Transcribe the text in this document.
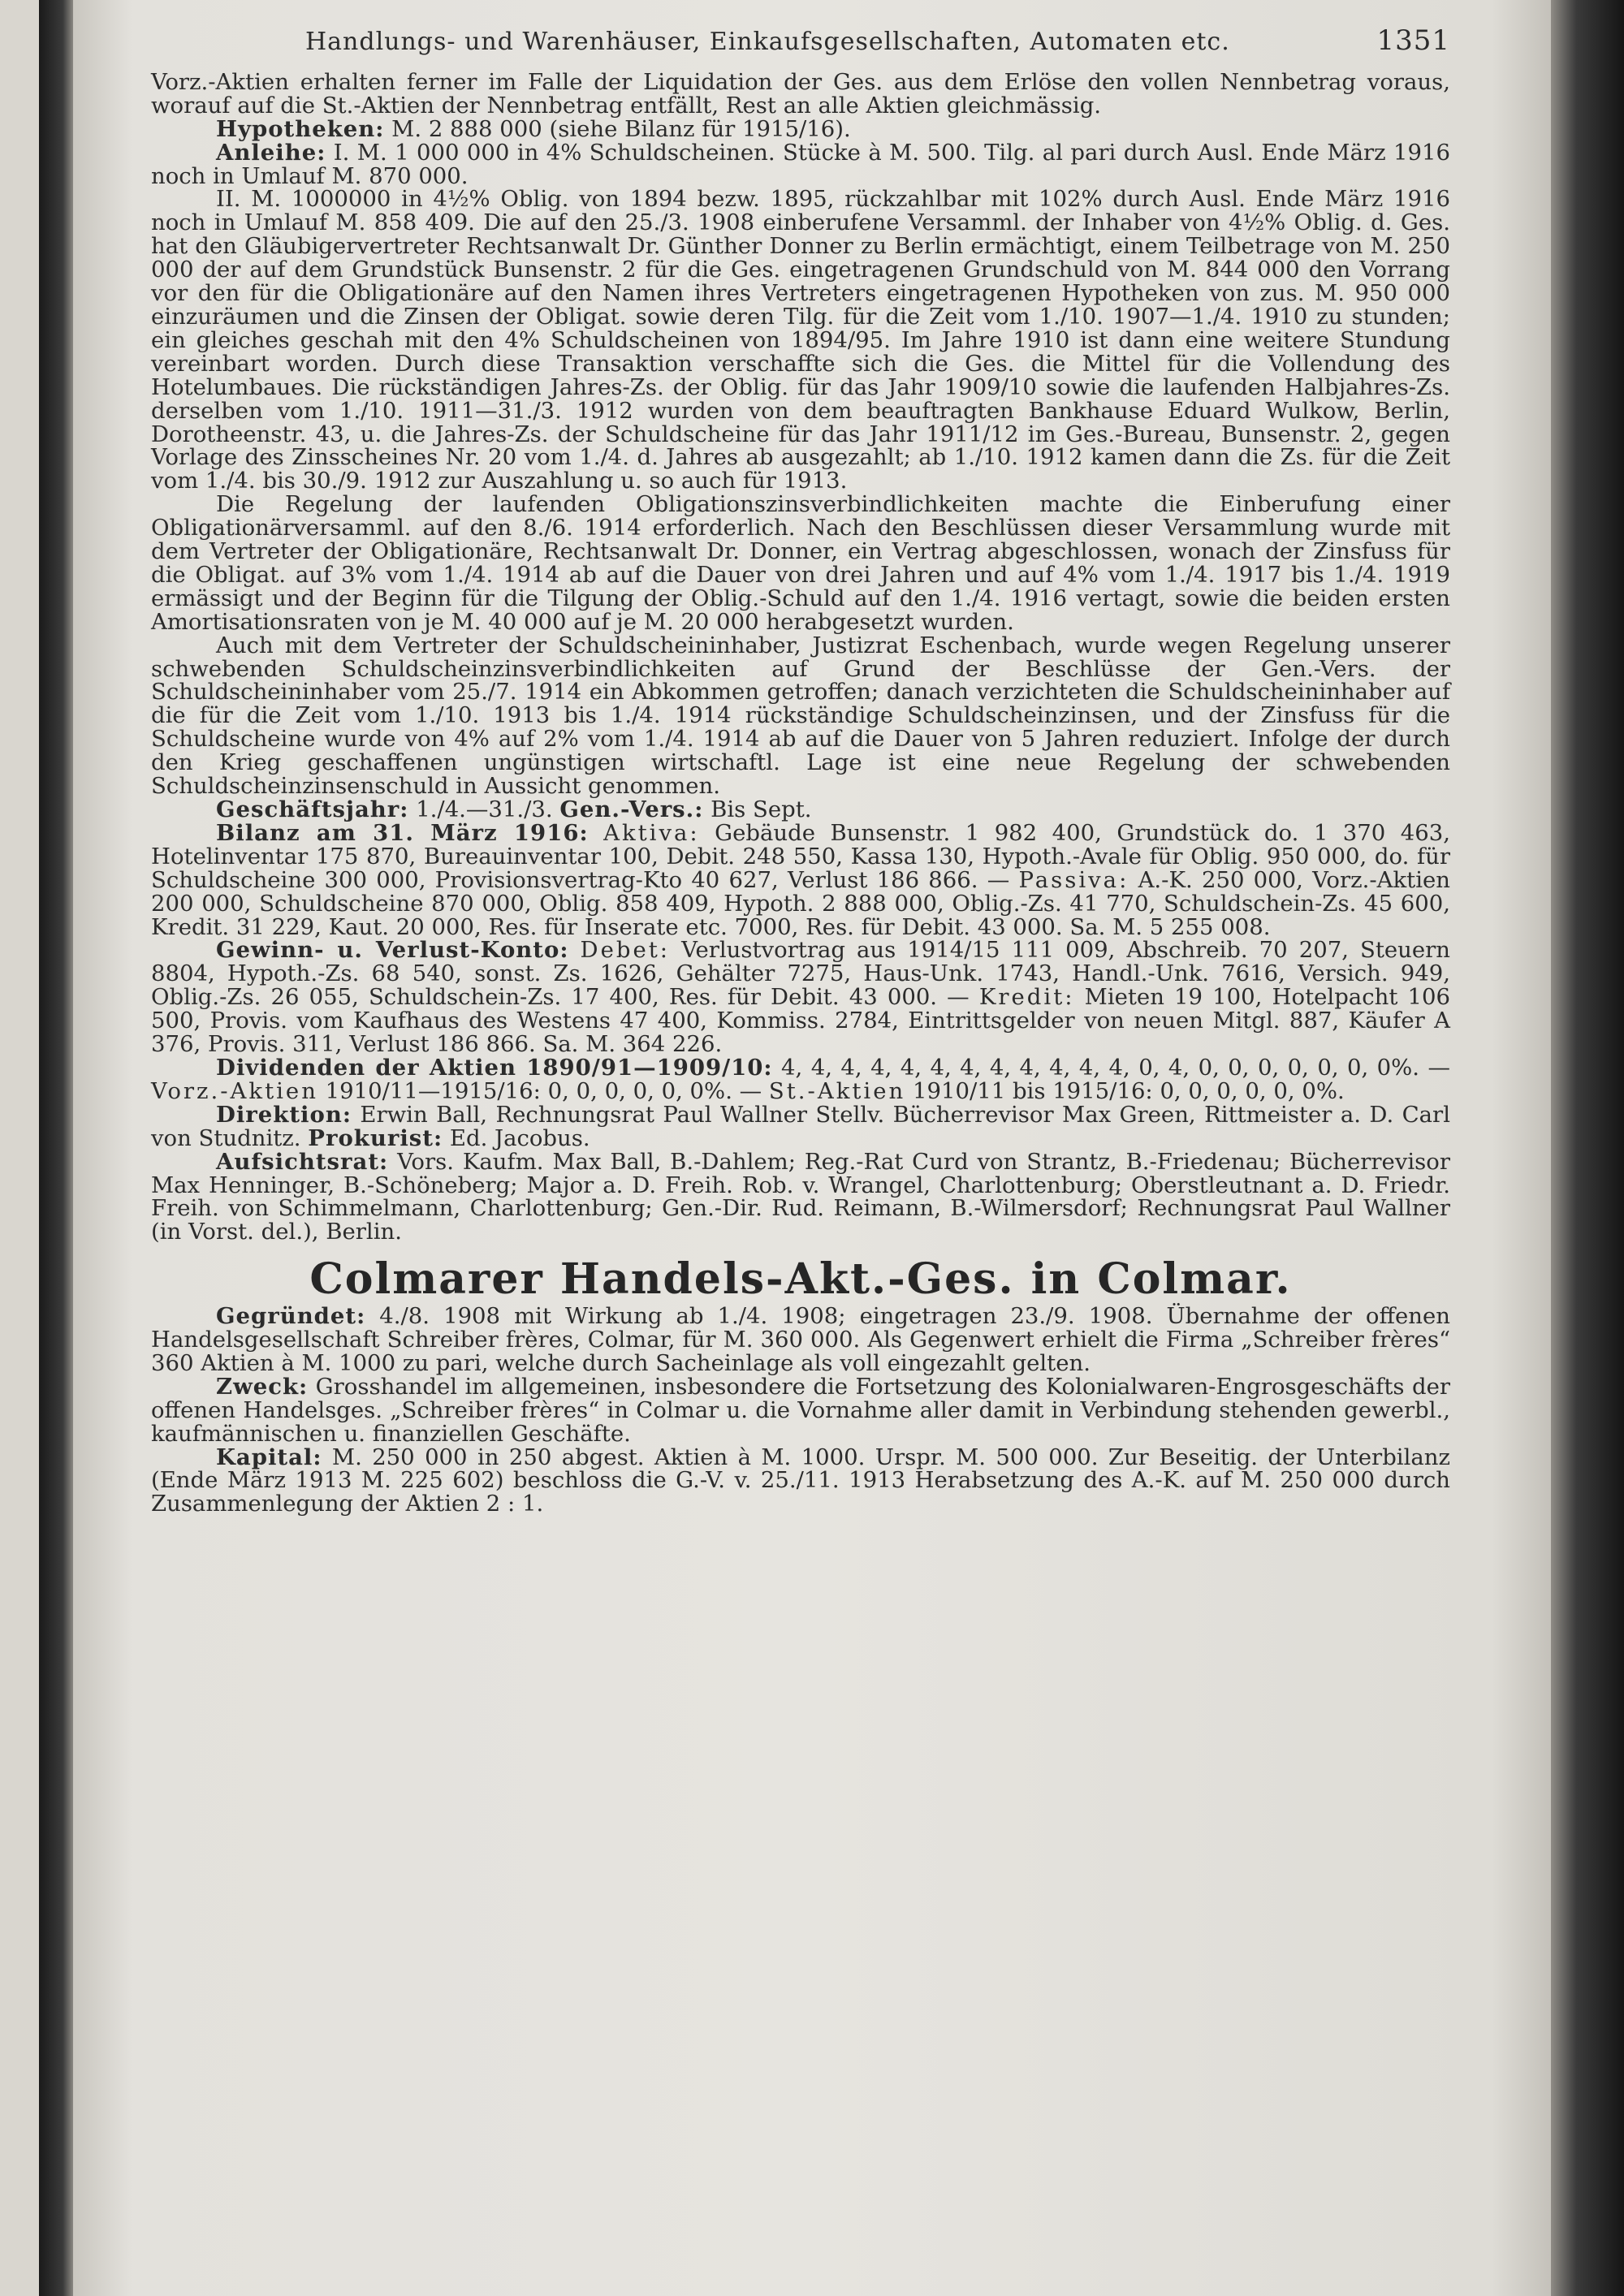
Handlungs- und Warenhäuser, Einkaufsgesellschaften, Automaten etc.	1351

Vorz.-Aktien erhalten ferner im Falle der Liquidation der Ges. aus dem Erlöse den vollen Nennbetrag voraus, worauf auf die St.-Aktien der Nennbetrag entfällt, Rest an alle Aktien gleichmässig.

Hypotheken: M. 2 888 000 (siehe Bilanz für 1915/16).

Anleihe: I. M. 1 000 000 in 4% Schuldscheinen. Stücke à M. 500. Tilg. al pari durch Ausl. Ende März 1916 noch in Umlauf M. 870 000.

II. M. 1000000 in 4½% Oblig. von 1894 bezw. 1895, rückzahlbar mit 102% durch Ausl. Ende März 1916 noch in Umlauf M. 858 409. Die auf den 25./3. 1908 einberufene Versamml. der Inhaber von 4½% Oblig. d. Ges. hat den Gläubigervertreter Rechtsanwalt Dr. Günther Donner zu Berlin ermächtigt, einem Teilbetrage von M. 250 000 der auf dem Grundstück Bunsenstr. 2 für die Ges. eingetragenen Grundschuld von M. 844 000 den Vorrang vor den für die Obligationäre auf den Namen ihres Vertreters eingetragenen Hypotheken von zus. M. 950 000 einzuräumen und die Zinsen der Obligat. sowie deren Tilg. für die Zeit vom 1./10. 1907—1./4. 1910 zu stunden; ein gleiches geschah mit den 4% Schuldscheinen von 1894/95. Im Jahre 1910 ist dann eine weitere Stundung vereinbart worden. Durch diese Transaktion verschaffte sich die Ges. die Mittel für die Vollendung des Hotelumbaues. Die rückständigen Jahres-Zs. der Oblig. für das Jahr 1909/10 sowie die laufenden Halbjahres-Zs. derselben vom 1./10. 1911—31./3. 1912 wurden von dem beauftragten Bankhause Eduard Wulkow, Berlin, Dorotheenstr. 43, u. die Jahres-Zs. der Schuldscheine für das Jahr 1911/12 im Ges.-Bureau, Bunsenstr. 2, gegen Vorlage des Zinsscheines Nr. 20 vom 1./4. d. Jahres ab ausgezahlt; ab 1./10. 1912 kamen dann die Zs. für die Zeit vom 1./4. bis 30./9. 1912 zur Auszahlung u. so auch für 1913.

Die Regelung der laufenden Obligationszinsverbindlichkeiten machte die Einberufung einer Obligationärversamml. auf den 8./6. 1914 erforderlich. Nach den Beschlüssen dieser Versammlung wurde mit dem Vertreter der Obligationäre, Rechtsanwalt Dr. Donner, ein Vertrag abgeschlossen, wonach der Zinsfuss für die Obligat. auf 3% vom 1./4. 1914 ab auf die Dauer von drei Jahren und auf 4% vom 1./4. 1917 bis 1./4. 1919 ermässigt und der Beginn für die Tilgung der Oblig.-Schuld auf den 1./4. 1916 vertagt, sowie die beiden ersten Amortisationsraten von je M. 40 000 auf je M. 20 000 herabgesetzt wurden.

Auch mit dem Vertreter der Schuldscheininhaber, Justizrat Eschenbach, wurde wegen Regelung unserer schwebenden Schuldscheinzinsverbindlichkeiten auf Grund der Beschlüsse der Gen.-Vers. der Schuldscheininhaber vom 25./7. 1914 ein Abkommen getroffen; danach verzichteten die Schuldscheininhaber auf die für die Zeit vom 1./10. 1913 bis 1./4. 1914 rückständige Schuldscheinzinsen, und der Zinsfuss für die Schuldscheine wurde von 4% auf 2% vom 1./4. 1914 ab auf die Dauer von 5 Jahren reduziert. Infolge der durch den Krieg geschaffenen ungünstigen wirtschaftl. Lage ist eine neue Regelung der schwebenden Schuldscheinzinsenschuld in Aussicht genommen.

Geschäftsjahr: 1./4.—31./3. Gen.-Vers.: Bis Sept.

Bilanz am 31. März 1916: Aktiva: Gebäude Bunsenstr. 1 982 400, Grundstück do. 1 370 463, Hotelinventar 175 870, Bureauinventar 100, Debit. 248 550, Kassa 130, Hypoth.-Avale für Oblig. 950 000, do. für Schuldscheine 300 000, Provisionsvertrag-Kto 40 627, Verlust 186 866. — Passiva: A.-K. 250 000, Vorz.-Aktien 200 000, Schuldscheine 870 000, Oblig. 858 409, Hypoth. 2 888 000, Oblig.-Zs. 41 770, Schuldschein-Zs. 45 600, Kredit. 31 229, Kaut. 20 000, Res. für Inserate etc. 7000, Res. für Debit. 43 000. Sa. M. 5 255 008.

Gewinn- u. Verlust-Konto: Debet: Verlustvortrag aus 1914/15 111 009, Abschreib. 70 207, Steuern 8804, Hypoth.-Zs. 68 540, sonst. Zs. 1626, Gehälter 7275, Haus-Unk. 1743, Handl.-Unk. 7616, Versich. 949, Oblig.-Zs. 26 055, Schuldschein-Zs. 17 400, Res. für Debit. 43 000. — Kredit: Mieten 19 100, Hotelpacht 106 500, Provis. vom Kaufhaus des Westens 47 400, Kommiss. 2784, Eintrittsgelder von neuen Mitgl. 887, Käufer A 376, Provis. 311, Verlust 186 866. Sa. M. 364 226.

Dividenden der Aktien 1890/91—1909/10: 4, 4, 4, 4, 4, 4, 4, 4, 4, 4, 4, 4, 0, 4, 0, 0, 0, 0, 0, 0, 0%. — Vorz.-Aktien 1910/11—1915/16: 0, 0, 0, 0, 0, 0%. — St.-Aktien 1910/11 bis 1915/16: 0, 0, 0, 0, 0, 0%.

Direktion: Erwin Ball, Rechnungsrat Paul Wallner Stellv. Bücherrevisor Max Green, Rittmeister a. D. Carl von Studnitz. Prokurist: Ed. Jacobus.

Aufsichtsrat: Vors. Kaufm. Max Ball, B.-Dahlem; Reg.-Rat Curd von Strantz, B.-Friedenau; Bücherrevisor Max Henninger, B.-Schöneberg; Major a. D. Freih. Rob. v. Wrangel, Charlottenburg; Oberstleutnant a. D. Friedr. Freih. von Schimmelmann, Charlottenburg; Gen.-Dir. Rud. Reimann, B.-Wilmersdorf; Rechnungsrat Paul Wallner (in Vorst. del.), Berlin.

Colmarer Handels-Akt.-Ges. in Colmar.

Gegründet: 4./8. 1908 mit Wirkung ab 1./4. 1908; eingetragen 23./9. 1908. Übernahme der offenen Handelsgesellschaft Schreiber frères, Colmar, für M. 360 000. Als Gegenwert erhielt die Firma „Schreiber frères“ 360 Aktien à M. 1000 zu pari, welche durch Sacheinlage als voll eingezahlt gelten.

Zweck: Grosshandel im allgemeinen, insbesondere die Fortsetzung des Kolonialwaren-Engrosgeschäfts der offenen Handelsges. „Schreiber frères“ in Colmar u. die Vornahme aller damit in Verbindung stehenden gewerbl., kaufmännischen u. finanziellen Geschäfte.

Kapital: M. 250 000 in 250 abgest. Aktien à M. 1000. Urspr. M. 500 000. Zur Beseitig. der Unterbilanz (Ende März 1913 M. 225 602) beschloss die G.-V. v. 25./11. 1913 Herabsetzung des A.-K. auf M. 250 000 durch Zusammenlegung der Aktien 2 : 1.
